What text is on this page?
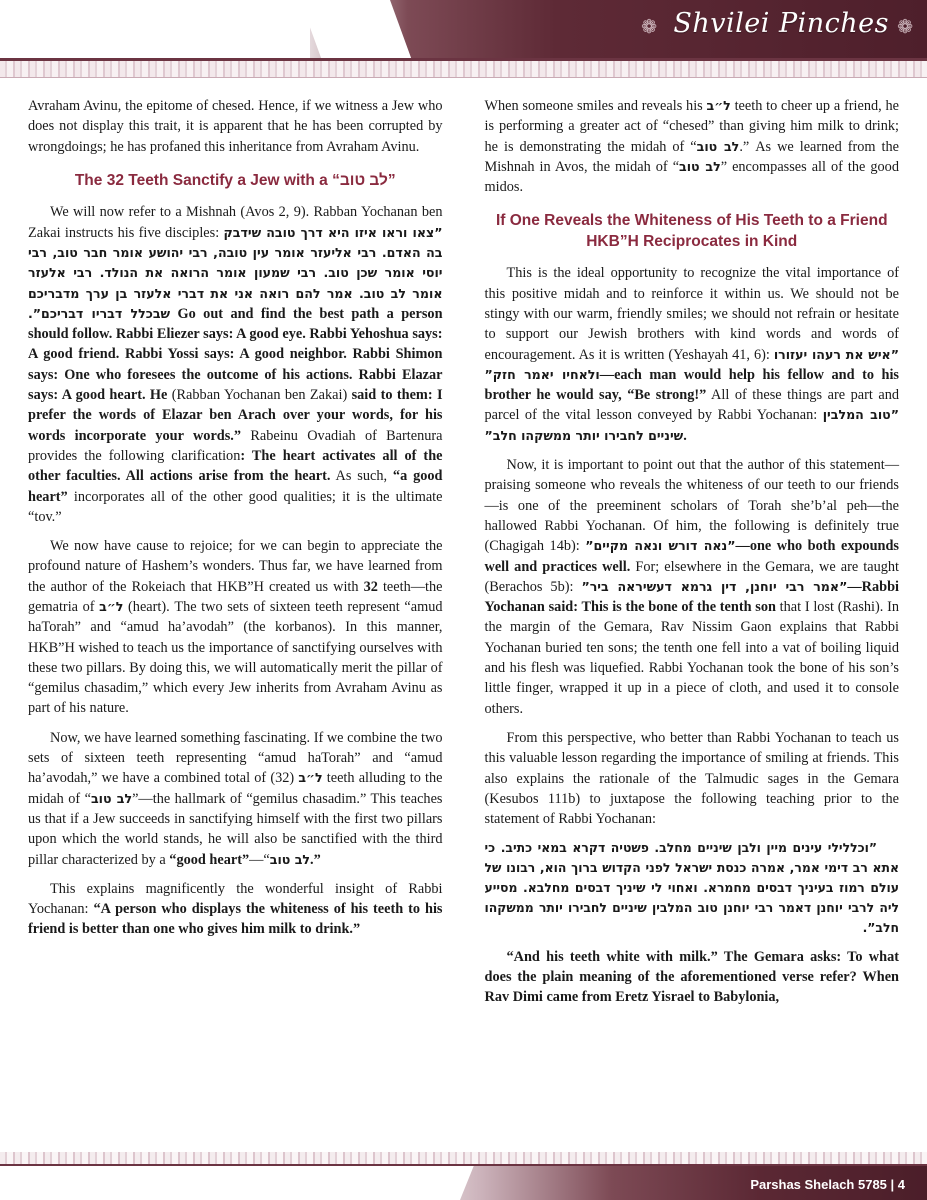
❁ Shvilei Pinches ❁

Avraham Avinu, the epitome of chesed. Hence, if we witness a Jew who does not display this trait, it is apparent that he has been corrupted by wrongdoings; he has profaned this inheritance from Avraham Avinu.

The 32 Teeth Sanctify a Jew with a “לב טוב”

We will now refer to a Mishnah (Avos 2, 9). Rabban Yochanan ben Zakai instructs his five disciples: ”צאו וראו איזו היא דרך טובה שידבק בה האדם. רבי אליעזר אומר עין טובה, רבי יהושע אומר חבר טוב, רבי יוסי אומר שכן טוב. רבי שמעון אומר הרואה את הנולד. רבי אלעזר אומר לב טוב. אמר להם רואה אני את דברי אלעזר בן ערך מדבריכם שבכלל דבריו דבריכם”. Go out and find the best path a person should follow. Rabbi Eliezer says: A good eye. Rabbi Yehoshua says: A good friend. Rabbi Yossi says: A good neighbor. Rabbi Shimon says: One who foresees the outcome of his actions. Rabbi Elazar says: A good heart. He (Rabban Yochanan ben Zakai) said to them: I prefer the words of Elazar ben Arach over your words, for his words incorporate your words.” Rabeinu Ovadiah of Bartenura provides the following clarification: The heart activates all of the other faculties. All actions arise from the heart. As such, “a good heart” incorporates all of the other good qualities; it is the ultimate “tov.”

We now have cause to rejoice; for we can begin to appreciate the profound nature of Hashem’s wonders. Thus far, we have learned from the author of the Rokeiach that HKB”H created us with 32 teeth—the gematria of ל״ב (heart). The two sets of sixteen teeth represent “amud haTorah” and “amud ha’avodah” (the korbanos). In this manner, HKB”H wished to teach us the importance of sanctifying ourselves with these two pillars. By doing this, we will automatically merit the pillar of “gemilus chasadim,” which every Jew inherits from Avraham Avinu as part of his nature.

Now, we have learned something fascinating. If we combine the two sets of sixteen teeth representing “amud haTorah” and “amud ha’avodah,” we have a combined total of ל״ב (32) teeth alluding to the midah of “לב טוב”—the hallmark of “gemilus chasadim.” This teaches us that if a Jew succeeds in sanctifying himself with the first two pillars upon which the world stands, he will also be sanctified with the third pillar characterized by a “good heart”—“לב טוב.”

This explains magnificently the wonderful insight of Rabbi Yochanan: “A person who displays the whiteness of his teeth to his friend is better than one who gives him milk to drink.”

When someone smiles and reveals his ל״ב teeth to cheer up a friend, he is performing a greater act of “chesed” than giving him milk to drink; he is demonstrating the midah of “לב טוב.” As we learned from the Mishnah in Avos, the midah of “לב טוב” encompasses all of the good midos.

If One Reveals the Whiteness of His Teeth to a Friend HKB”H Reciprocates in Kind

This is the ideal opportunity to recognize the vital importance of this positive midah and to reinforce it within us. We should not be stingy with our warm, friendly smiles; we should not refrain or hesitate to support our Jewish brothers with kind words and words of encouragement. As it is written (Yeshayah 41, 6): ”איש את רעהו יעזורו ולאחיו יאמר חזק”—each man would help his fellow and to his brother he would say, “Be strong!” All of these things are part and parcel of the vital lesson conveyed by Rabbi Yochanan: ”טוב המלבין שיניים לחבירו יותר ממשקהו חלב”.

Now, it is important to point out that the author of this statement—praising someone who reveals the whiteness of our teeth to our friends—is one of the preeminent scholars of Torah she’b’al peh—the hallowed Rabbi Yochanan. Of him, the following is definitely true (Chagigah 14b): ”נאה דורש ונאה מקיים”—one who both expounds well and practices well. For; elsewhere in the Gemara, we are taught (Berachos 5b): ”אמר רבי יוחנן, דין גרמא דעשיראה ביר”—Rabbi Yochanan said: This is the bone of the tenth son that I lost (Rashi). In the margin of the Gemara, Rav Nissim Gaon explains that Rabbi Yochanan buried ten sons; the tenth one fell into a vat of boiling liquid and his flesh was liquefied. Rabbi Yochanan took the bone of his son’s little finger, wrapped it up in a piece of cloth, and used it to console others.

From this perspective, who better than Rabbi Yochanan to teach us this valuable lesson regarding the importance of smiling at friends. This also explains the rationale of the Talmudic sages in the Gemara (Kesubos 111b) to juxtapose the following teaching prior to the statement of Rabbi Yochanan:

”וכללילי עינים מיין ולבן שיניים מחלב. פשטיה דקרא במאי כתיב. כי אתא רב דימי אמר, אמרה כנסת ישראל לפני הקדוש ברוך הוא, רבונו של עולם רמוז בעיניך דבסים מחמרא. ואחוי לי שיניך דבסים מחלבא. מסייע ליה לרבי יוחנן דאמר רבי יוחנן טוב המלבין שיניים לחבירו יותר ממשקהו חלב”.

“And his teeth white with milk.” The Gemara asks: To what does the plain meaning of the aforementioned verse refer? When Rav Dimi came from Eretz Yisrael to Babylonia,

Parshas Shelach 5785 | 4
